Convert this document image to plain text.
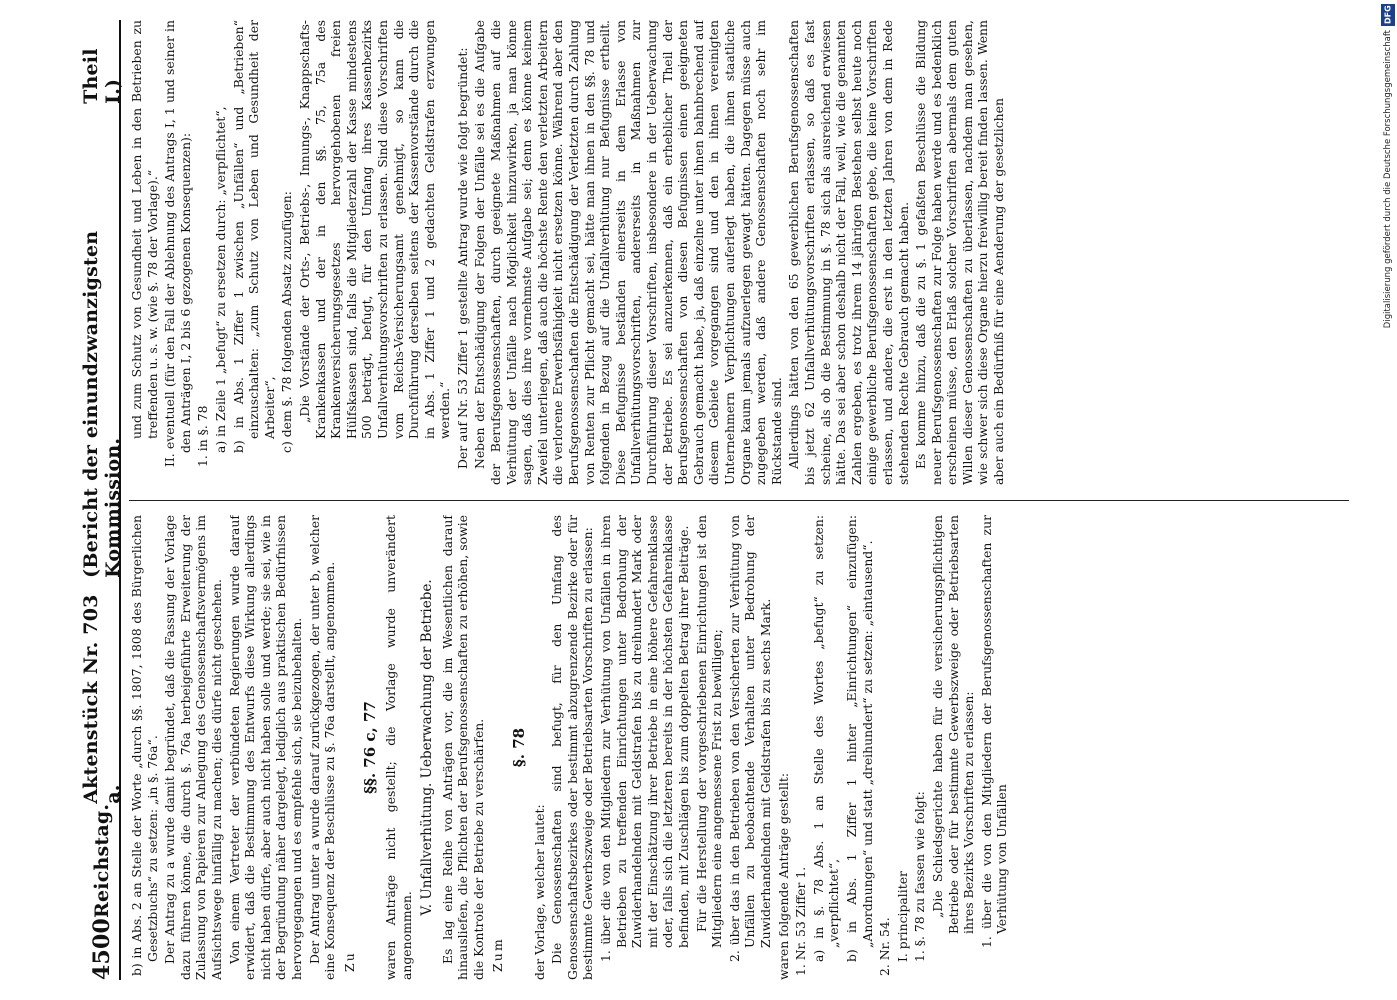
4500
Reichstag.
Aktenstück Nr. 703 a.
(Bericht der einundzwanzigsten Kommission.
Theil I.)

b) in Abs. 2 an Stelle der Worte „durch §§. 1807, 1808 des Bürgerlichen Gesetzbuchs“ zu setzen: „in §. 76a“. Der Antrag zu a wurde damit begründet, daß die Fassung der Vorlage dazu führen könne, die durch §. 76a herbeigeführte Erweiterung der Zulassung von Papieren zur Anlegung des Genossenschaftsvermögens im Aufsichtswege hinfällig zu machen; dies dürfe nicht geschehen. Von einem Vertreter der verbündeten Regierungen wurde darauf erwidert, daß die Bestimmung des Entwurfs diese Wirkung allerdings nicht haben dürfe, aber auch nicht haben solle und werde; sie sei, wie in der Begründung näher dargelegt, lediglich aus praktischen Bedürfnissen hervorgegangen und es empfehle sich, sie beizubehalten. Der Antrag unter a wurde darauf zurückgezogen, der unter b, welcher eine Konsequenz der Beschlüsse zu §. 76a darstellt, angenommen. Zu

§§. 76 c, 77 waren Anträge nicht gestellt; die Vorlage wurde unverändert angenommen.

V. Unfallverhütung. Ueberwachung der Betriebe. Es lag eine Reihe von Anträgen vor, die im Wesentlichen darauf hinausliefen, die Pflichten der Berufsgenossenschaften zu erhöhen, sowie die Kontrole der Betriebe zu verschärfen. Zum

§. 78

der Vorlage, welcher lautet: Die Genossenschaften sind befugt, für den Umfang des Genossenschaftsbezirkes oder bestimmt abzugrenzende Bezirke oder für bestimmte Gewerbszweige oder Betriebsarten Vorschriften zu erlassen: 1. über die von den Mitgliedern zur Verhütung von Unfällen in ihren Betrieben zu treffenden Einrichtungen unter Bedrohung der Zuwiderhandelnden mit Geldstrafen bis zu dreihundert Mark oder mit der Einschätzung ihrer Betriebe in eine höhere Gefahrenklasse oder, falls sich die letzteren bereits in der höchsten Gefahrenklasse befinden, mit Zuschlägen bis zum doppelten Betrag ihrer Beiträge. Für die Herstellung der vorgeschriebenen Einrichtungen ist den Mitgliedern eine angemessene Frist zu bewilligen; 2. über das in den Betrieben von den Versicherten zur Verhütung von Unfällen zu beobachtende Verhalten unter Bedrohung der Zuwiderhandelnden mit Geldstrafen bis zu sechs Mark. waren folgende Anträge gestellt: 1. Nr. 53 Ziffer 1. a) in §. 78 Abs. 1 an Stelle des Wortes „befugt“ zu setzen: „verpflichtet“, b) in Abs. 1 Ziffer 1 hinter „Einrichtungen“ einzufügen: „Anordnungen“ und statt „dreihundert“ zu setzen: „eintausend“. 2. Nr. 54. I. principaliter 1. §. 78 zu fassen wie folgt: „Die Schiedsgerichte haben für die versicherungspflichtigen Betriebe oder für bestimmte Gewerbszweige oder Betriebsarten ihres Bezirks Vorschriften zu erlassen: 1. über die von den Mitgliedern der Berufsgenossenschaften zur Verhütung von Unfällen

und zum Schutz von Gesundheit und Leben in den Betrieben zu treffenden u. s. w. (wie §. 78 der Vorlage).“ II. eventuell (für den Fall der Ablehnung des Antrags I, 1 und seiner in den Anträgen I, 2 bis 6 gezogenen Konsequenzen): 1. in §. 78 a) in Zeile 1 „befugt“ zu ersetzen durch: „verpflichtet“, b) in Abs. 1 Ziffer 1 zwischen „Unfällen“ und „Betrieben“ einzuschalten: „zum Schutz von Leben und Gesundheit der Arbeiter“, c) dem §. 78 folgenden Absatz zuzufügen: „Die Vorstände der Orts-, Betriebs-, Innungs-, Knappschafts-Krankenkassen und der in den §§. 75, 75a des Krankenversicherungsgesetzes hervorgehobenen freien Hülfskassen sind, falls die Mitgliederzahl der Kasse mindestens 500 beträgt, befugt, für den Umfang ihres Kassenbezirks Unfallverhütungsvorschriften zu erlassen. Sind diese Vorschriften vom Reichs-Versicherungsamt genehmigt, so kann die Durchführung derselben seitens der Kassenvorstände durch die in Abs. 1 Ziffer 1 und 2 gedachten Geldstrafen erzwungen werden.“ Der auf Nr. 53 Ziffer 1 gestellte Antrag wurde wie folgt begründet: Neben der Entschädigung der Folgen der Unfälle sei es die Aufgabe der Berufsgenossenschaften, durch geeignete Maßnahmen auf die Verhütung der Unfälle nach Möglichkeit hinzuwirken, ja man könne sagen, daß dies ihre vornehmste Aufgabe sei; denn es könne keinem Zweifel unterliegen, daß auch die höchste Rente den verletzten Arbeitern die verlorene Erwerbsfähigkeit nicht ersetzen könne. Während aber den Berufsgenossenschaften die Entschädigung der Verletzten durch Zahlung von Renten zur Pflicht gemacht sei, hätte man ihnen in den §§. 78 und folgenden in Bezug auf die Unfallverhütung nur Befugnisse ertheilt. Diese Befugnisse beständen einerseits in dem Erlasse von Unfallverhütungsvorschriften, andererseits in Maßnahmen zur Durchführung dieser Vorschriften, insbesondere in der Ueberwachung der Betriebe. Es sei anzuerkennen, daß ein erheblicher Theil der Berufsgenossenschaften von diesen Befugnissen einen geeigneten Gebrauch gemacht habe, ja, daß einzelne unter ihnen bahnbrechend auf diesem Gebiete vorgegangen sind und den in ihnen vereinigten Unternehmern Verpflichtungen auferlegt haben, die ihnen staatliche Organe kaum jemals aufzuerlegen gewagt hätten. Dagegen müsse auch zugegeben werden, daß andere Genossenschaften noch sehr im Rückstande sind. Allerdings hätten von den 65 gewerblichen Berufsgenossenschaften bis jetzt 62 Unfallverhütungsvorschriften erlassen, so daß es fast scheine, als ob die Bestimmung in §. 78 sich als ausreichend erwiesen hätte. Das sei aber schon deshalb nicht der Fall, weil, wie die genannten Zahlen ergeben, es trotz ihrem 14 jährigen Bestehen selbst heute noch einige gewerbliche Berufsgenossenschaften gebe, die keine Vorschriften erlassen, und andere, die erst in den letzten Jahren von dem in Rede stehenden Rechte Gebrauch gemacht haben. Es komme hinzu, daß die zu §. 1 gefaßten Beschlüsse die Bildung neuer Berufsgenossenschaften zur Folge haben werde und es bedenklich erscheinen müsse, den Erlaß solcher Vorschriften abermals dem guten Willen dieser Genossenschaften zu überlassen, nachdem man gesehen, wie schwer sich diese Organe hierzu freiwillig bereit finden lassen. Wenn aber auch ein Bedürfniß für eine Aenderung der gesetzlichen

DFG
Digitalisierung gefördert durch die Deutsche Forschungsgemeinschaft
